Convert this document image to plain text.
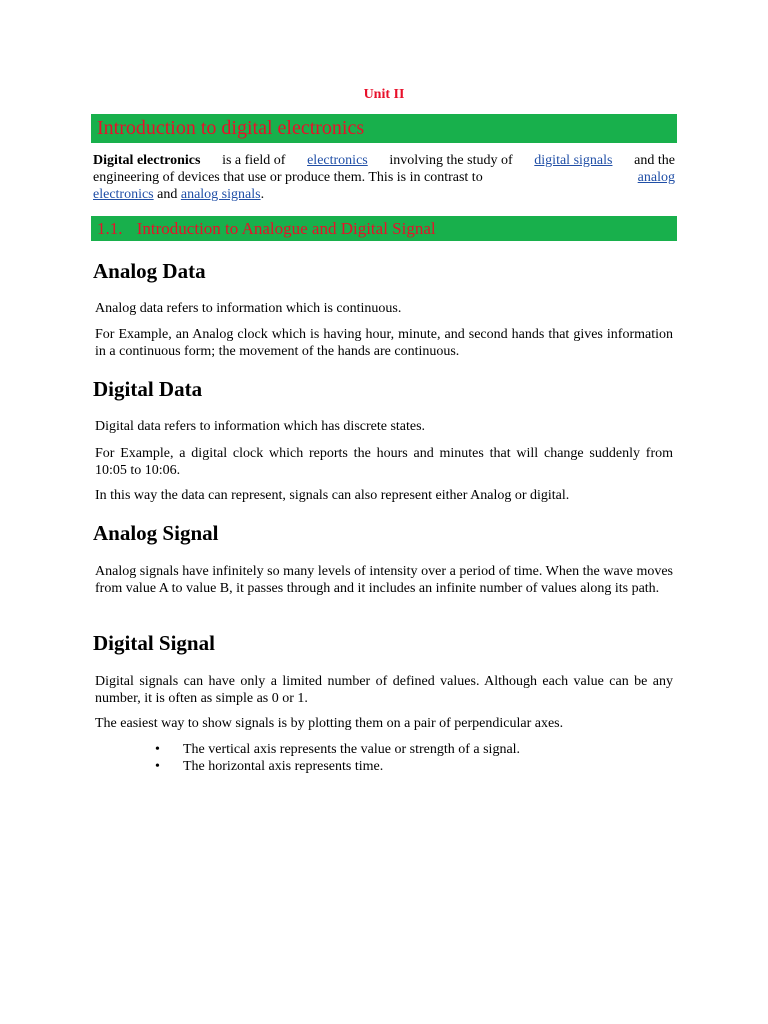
Unit II
Introduction to digital electronics
Digital electronics is a field of electronics involving the study of digital signals and the
engineering of devices that use or produce them. This is in contrast to	analog
electronics and analog signals.
1.1. Introduction to Analogue and Digital Signal
Analog Data
Analog data refers to information which is continuous.
For Example, an Analog clock which is having hour, minute, and second hands that gives information in a continuous form; the movement of the hands are continuous.
Digital Data
Digital data refers to information which has discrete states.
For Example, a digital clock which reports the hours and minutes that will change suddenly from 10:05 to 10:06.
In this way the data can represent, signals can also represent either Analog or digital.
Analog Signal
Analog signals have infinitely so many levels of intensity over a period of time. When the wave moves from value A to value B, it passes through and it includes an infinite number of values along its path.
Digital Signal
Digital signals can have only a limited number of defined values. Although each value can be any number, it is often as simple as 0 or 1.
The easiest way to show signals is by plotting them on a pair of perpendicular axes.
• The vertical axis represents the value or strength of a signal.
• The horizontal axis represents time.
